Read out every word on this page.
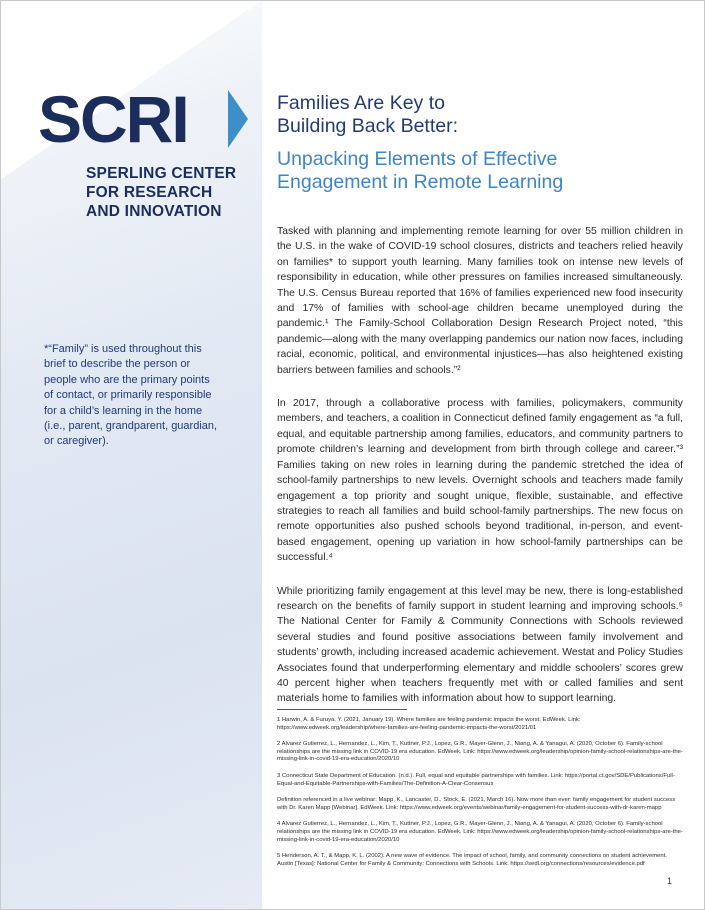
SCRI
SPERLING CENTER
FOR RESEARCH
AND INNOVATION
*“Family” is used throughout this brief to describe the person or people who are the primary points of contact, or primarily responsible for a child’s learning in the home (i.e., parent, grandparent, guardian, or caregiver).
Families Are Key to
Building Back Better:
Unpacking Elements of Effective
Engagement in Remote Learning

Tasked with planning and implementing remote learning for over 55 million children in the U.S. in the wake of COVID-19 school closures, districts and teachers relied heavily on families* to support youth learning. Many families took on intense new levels of responsibility in education, while other pressures on families increased simultaneously. The U.S. Census Bureau reported that 16% of families experienced new food insecurity and 17% of families with school-age children became unemployed during the pandemic.¹ The Family-School Collaboration Design Research Project noted, “this pandemic—along with the many overlapping pandemics our nation now faces, including racial, economic, political, and environmental injustices—has also heightened existing barriers between families and schools.”²

In 2017, through a collaborative process with families, policymakers, community members, and teachers, a coalition in Connecticut defined family engagement as “a full, equal, and equitable partnership among families, educators, and community partners to promote children’s learning and development from birth through college and career.”³ Families taking on new roles in learning during the pandemic stretched the idea of school-family partnerships to new levels. Overnight schools and teachers made family engagement a top priority and sought unique, flexible, sustainable, and effective strategies to reach all families and build school-family partnerships. The new focus on remote opportunities also pushed schools beyond traditional, in-person, and event-based engagement, opening up variation in how school-family partnerships can be successful.⁴

While prioritizing family engagement at this level may be new, there is long-established research on the benefits of family support in student learning and improving schools.⁵ The National Center for Family & Community Connections with Schools reviewed several studies and found positive associations between family involvement and students’ growth, including increased academic achievement. Westat and Policy Studies Associates found that underperforming elementary and middle schoolers’ scores grew 40 percent higher when teachers frequently met with or called families and sent materials home to families with information about how to support learning.

1 Harwin, A. & Furuya, Y. (2021, January 19). Where families are feeling pandemic impacts the worst. EdWeek. Link: https://www.edweek.org/leadership/where-families-are-feeling-pandemic-impacts-the-worst/2021/01

2 Alvarez Gutierrez, L., Hernandez, L., Kim, T., Kuttner, P.J., Lopez, G.R., Mayer-Glenn, J., Niang, A. & Yanagui, A. (2020, October 6). Family-school relationships are the missing link in COVID-19 era education. EdWeek. Link: https://www.edweek.org/leadership/opinion-family-school-relationships-are-the-missing-link-in-covid-19-era-education/2020/10

3 Connecticut State Department of Education. (n.d.). Full, equal and equitable partnerships with families. Link: https://portal.ct.gov/SDE/Publications/Full-Equal-and-Equitable-Partnerships-with-Families/The-Definition-A-Clear-Consensus

Definition referenced in a live webinar: Mapp, K., Lancaster, D., Stock, E. (2021, March 16). Now more than ever: family engagement for student success with Dr. Karen Mapp [Webinar]. EdWeek. Link: https://www.edweek.org/events/webinar/family-engagement-for-student-success-with-dr-karen-mapp

4 Alvarez Gutierrez, L., Hernandez, L., Kim, T., Kuttner, P.J., Lopez, G.R., Mayer-Glenn, J., Niang, A. & Yanagui, A. (2020, October 6). Family-school relationships are the missing link in COVID-19 era education. EdWeek. Link: https://www.edweek.org/leadership/opinion-family-school-relationships-are-the-missing-link-in-covid-19-era-education/2020/10

5 Henderson, A. T., & Mapp, K. L. (2002). A new wave of evidence. The impact of school, family, and community connections on student achievement. Austin [Texas]: National Center for Family & Community: Connections with Schools. Link: https://sedl.org/connections/resources/evidence.pdf

1
